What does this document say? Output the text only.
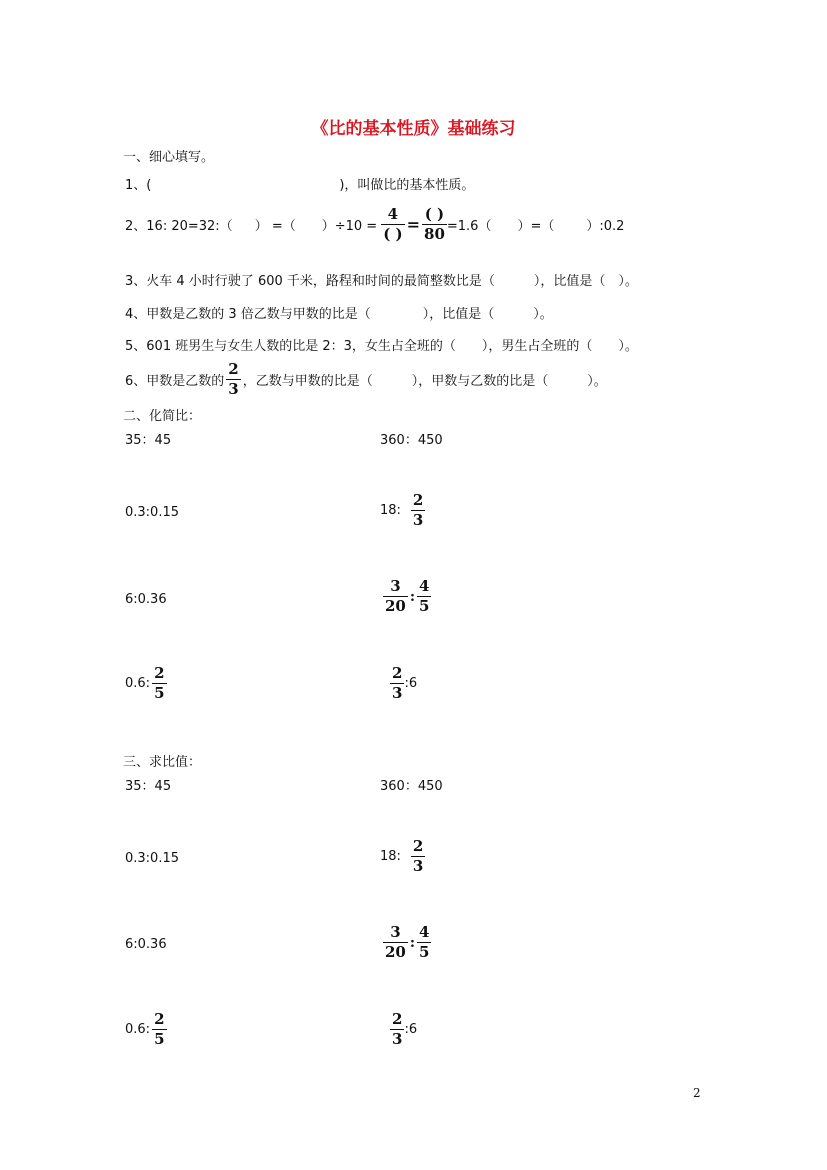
《比的基本性质》基础练习
一、细心填写。
1、(	)，叫做比的基本性质。
2、16: 20=32:（ ） =（ ）$\div 10 = \frac{4}{( )} = \frac{( )}{80} =1.6$（ ）=（ ）:0.2
3、火车 4 小时行驶了 600 千米，路程和时间的最简整数比是（　　　），比值是（　）。
4、甲数是乙数的 3 倍乙数与甲数的比是（　　　　），比值是（　　　）。
5、601 班男生与女生人数的比是 2：3，女生占全班的（　　），男生占全班的（　　）。
6、甲数是乙数的 $\frac{2}{3}$ ，乙数与甲数的比是（　　　），甲数与乙数的比是（　　　）。
二、化简比：
35：45	360：450
0.3:0.15	18: $\frac{2}{3}$
6:0.36	$\frac{3}{20}$ : $\frac{4}{5}$
0.6: $\frac{2}{5}$	$\frac{2}{3}$ :6
三、求比值：
35：45	360：450
0.3:0.15	18: $\frac{2}{3}$
6:0.36	$\frac{3}{20}$ : $\frac{4}{5}$
0.6: $\frac{2}{5}$	$\frac{2}{3}$ :6
2
